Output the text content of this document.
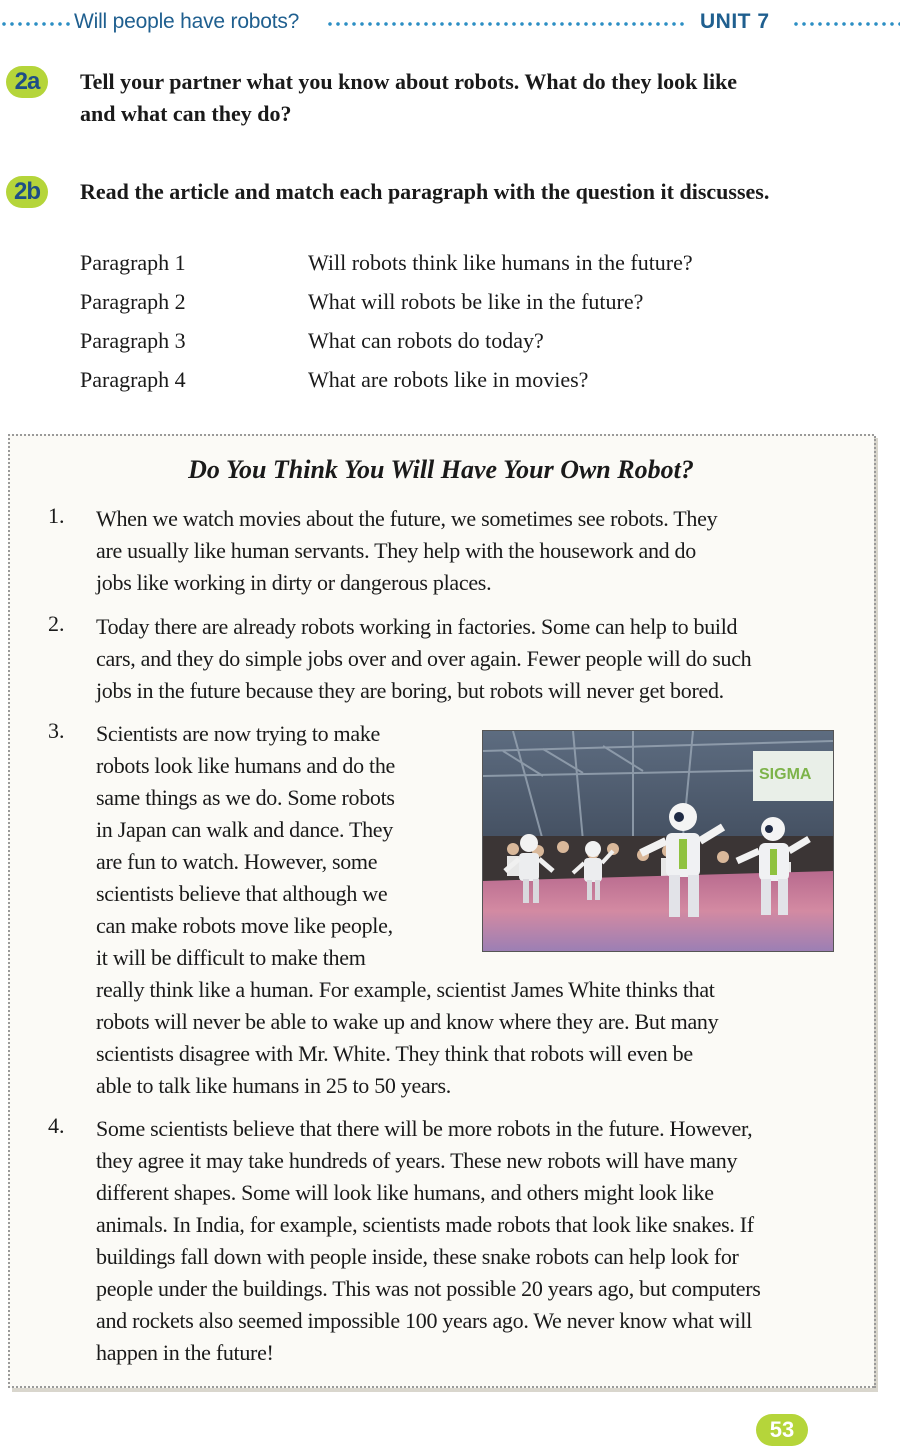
Will people have robots?	UNIT 7
2a	Tell your partner what you know about robots. What do they look like
and what can they do?
2b	Read the article and match each paragraph with the question it discusses.
Paragraph 1	Will robots think like humans in the future?
Paragraph 2	What will robots be like in the future?
Paragraph 3	What can robots do today?
Paragraph 4	What are robots like in movies?
Do You Think You Will Have Your Own Robot?
1. When we watch movies about the future, we sometimes see robots. They
are usually like human servants. They help with the housework and do
jobs like working in dirty or dangerous places.
2. Today there are already robots working in factories. Some can help to build
cars, and they do simple jobs over and over again. Fewer people will do such
jobs in the future because they are boring, but robots will never get bored.
3. Scientists are now trying to make
robots look like humans and do the
same things as we do. Some robots
in Japan can walk and dance. They
are fun to watch. However, some
scientists believe that although we
can make robots move like people,
it will be difficult to make them
really think like a human. For example, scientist James White thinks that
robots will never be able to wake up and know where they are. But many
scientists disagree with Mr. White. They think that robots will even be
able to talk like humans in 25 to 50 years.
SIGMA
4. Some scientists believe that there will be more robots in the future. However,
they agree it may take hundreds of years. These new robots will have many
different shapes. Some will look like humans, and others might look like
animals. In India, for example, scientists made robots that look like snakes. If
buildings fall down with people inside, these snake robots can help look for
people under the buildings. This was not possible 20 years ago, but computers
and rockets also seemed impossible 100 years ago. We never know what will
happen in the future!
53
